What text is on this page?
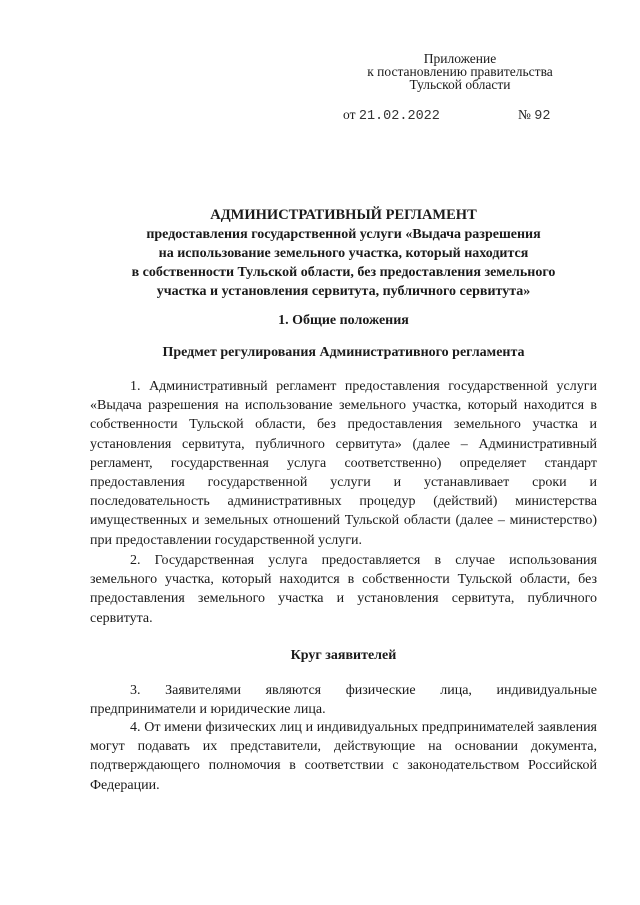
Приложение
к постановлению правительства
Тульской области
от 21.02.2022	№ 92
АДМИНИСТРАТИВНЫЙ РЕГЛАМЕНТ
предоставления государственной услуги «Выдача разрешения
на использование земельного участка, который находится
в собственности Тульской области, без предоставления земельного
участка и установления сервитута, публичного сервитута»
1. Общие положения
Предмет регулирования Административного регламента

1. Административный регламент предоставления государственной услуги «Выдача разрешения на использование земельного участка, который находится в собственности Тульской области, без предоставления земельного участка и установления сервитута, публичного сервитута» (далее – Административный регламент, государственная услуга соответственно) определяет стандарт предоставления государственной услуги и устанавливает сроки и последовательность административных процедур (действий) министерства имущественных и земельных отношений Тульской области (далее – министерство) при предоставлении государственной услуги.

2. Государственная услуга предоставляется в случае использования земельного участка, который находится в собственности Тульской области, без предоставления земельного участка и установления сервитута, публичного сервитута.

Круг заявителей

3. Заявителями являются физические лица, индивидуальные предприниматели и юридические лица.

4. От имени физических лиц и индивидуальных предпринимателей заявления могут подавать их представители, действующие на основании документа, подтверждающего полномочия в соответствии с законодательством Российской Федерации.
